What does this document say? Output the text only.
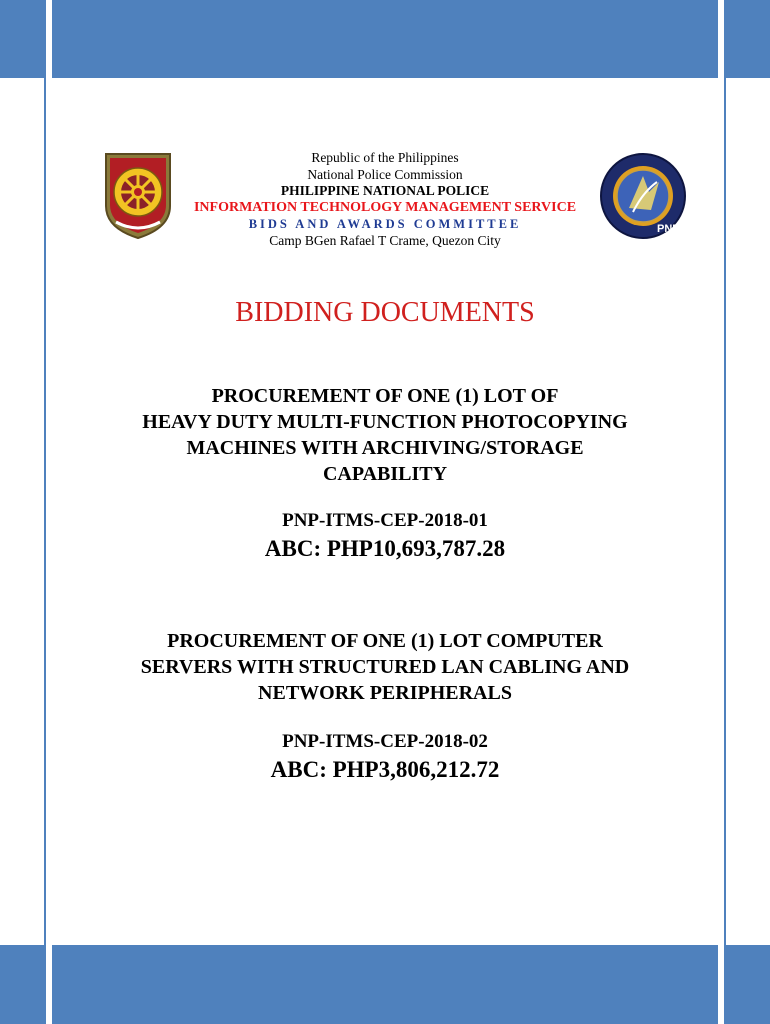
PNP
Republic of the Philippines
National Police Commission
PHILIPPINE NATIONAL POLICE
INFORMATION TECHNOLOGY MANAGEMENT SERVICE
BIDS AND AWARDS COMMITTEE
Camp BGen Rafael T Crame, Quezon City
BIDDING DOCUMENTS
PROCUREMENT OF ONE (1) LOT OF
HEAVY DUTY MULTI-FUNCTION PHOTOCOPYING
MACHINES WITH ARCHIVING/STORAGE
CAPABILITY
PNP-ITMS-CEP-2018-01
ABC: PHP10,693,787.28
PROCUREMENT OF ONE (1) LOT COMPUTER
SERVERS WITH STRUCTURED LAN CABLING AND
NETWORK PERIPHERALS
PNP-ITMS-CEP-2018-02
ABC: PHP3,806,212.72
